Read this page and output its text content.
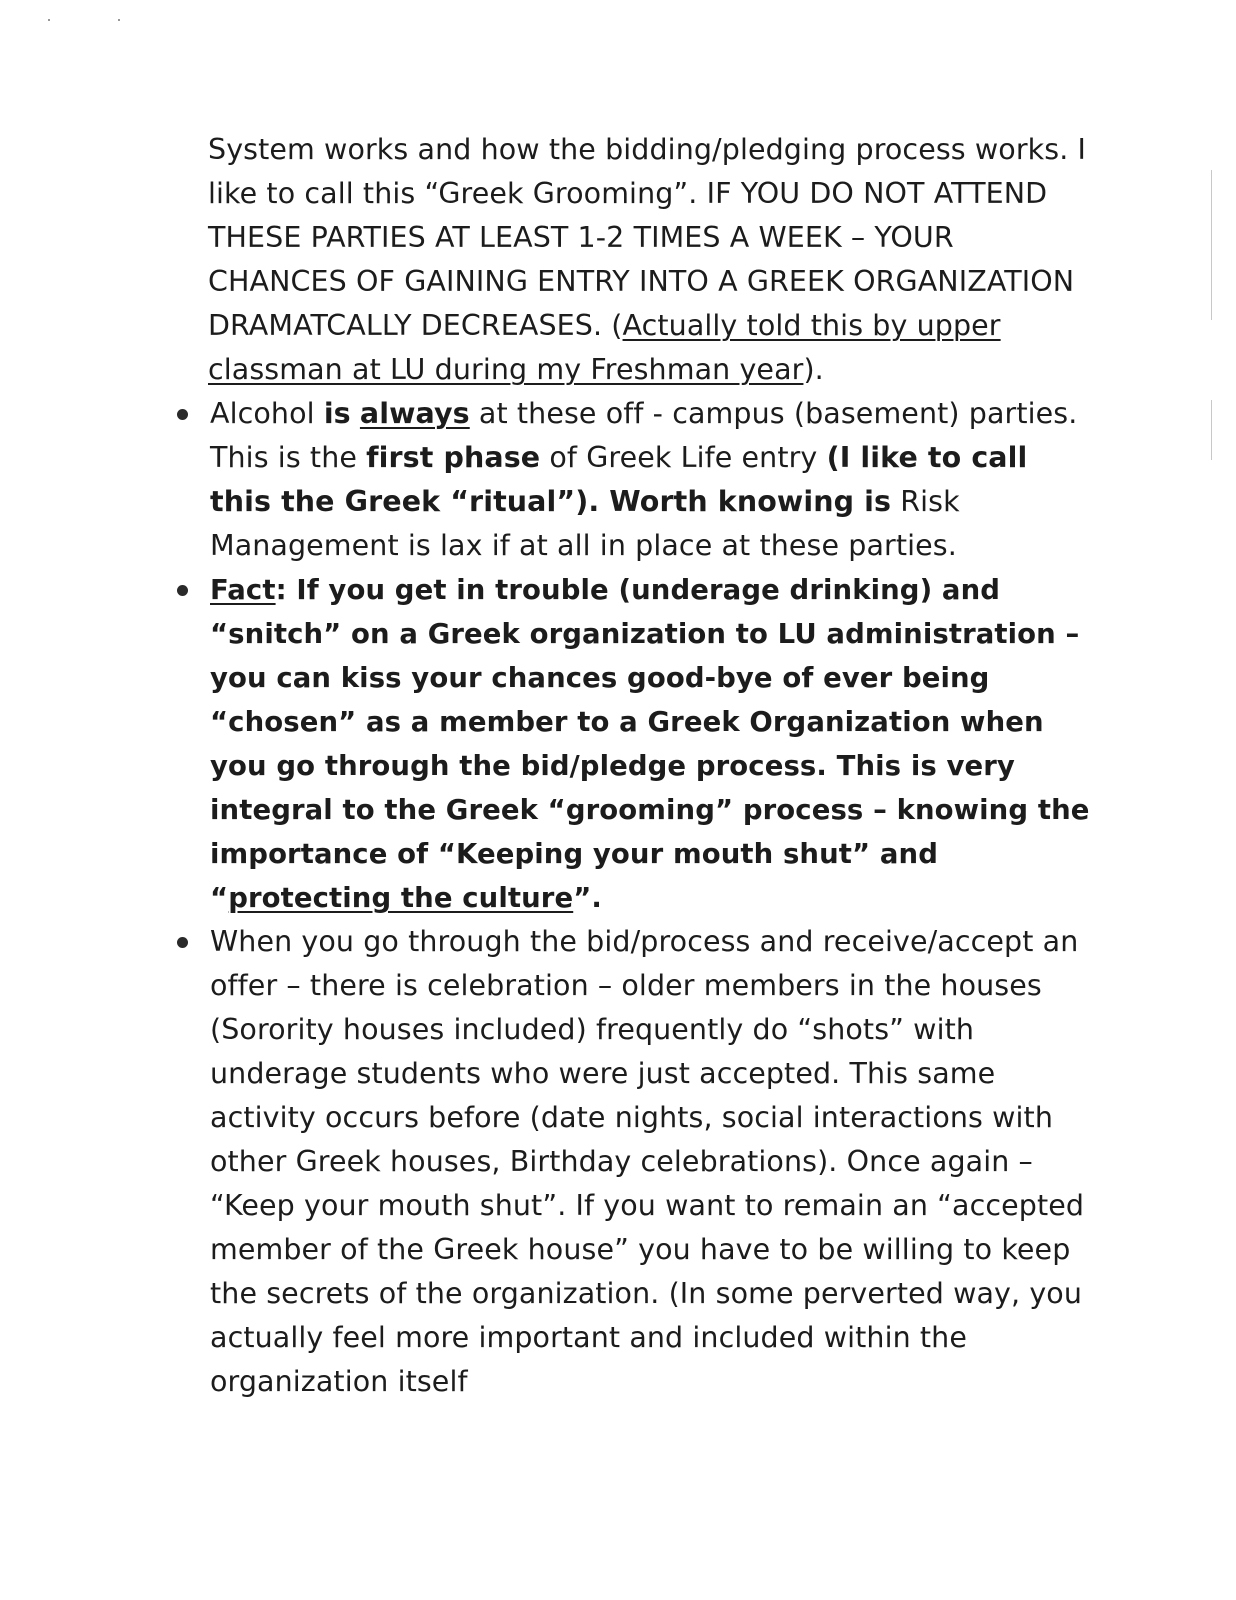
System works and how the bidding/pledging process works. I like to call this “Greek Grooming”. IF YOU DO NOT ATTEND THESE PARTIES AT LEAST 1-2 TIMES A WEEK – YOUR CHANCES OF GAINING ENTRY INTO A GREEK ORGANIZATION DRAMATCALLY DECREASES. (Actually told this by upper classman at LU during my Freshman year).

Alcohol is always at these off - campus (basement) parties. This is the first phase of Greek Life entry (I like to call this the Greek “ritual”). Worth knowing is Risk Management is lax if at all in place at these parties.
Fact: If you get in trouble (underage drinking) and “snitch” on a Greek organization to LU administration – you can kiss your chances good-bye of ever being “chosen” as a member to a Greek Organization when you go through the bid/pledge process. This is very integral to the Greek “grooming” process – knowing the importance of “Keeping your mouth shut” and “protecting the culture”.
When you go through the bid/process and receive/accept an offer – there is celebration – older members in the houses (Sorority houses included) frequently do “shots” with underage students who were just accepted. This same activity occurs before (date nights, social interactions with other Greek houses, Birthday celebrations). Once again – “Keep your mouth shut”. If you want to remain an “accepted member of the Greek house” you have to be willing to keep the secrets of the organization. (In some perverted way, you actually feel more important and included within the organization itself
